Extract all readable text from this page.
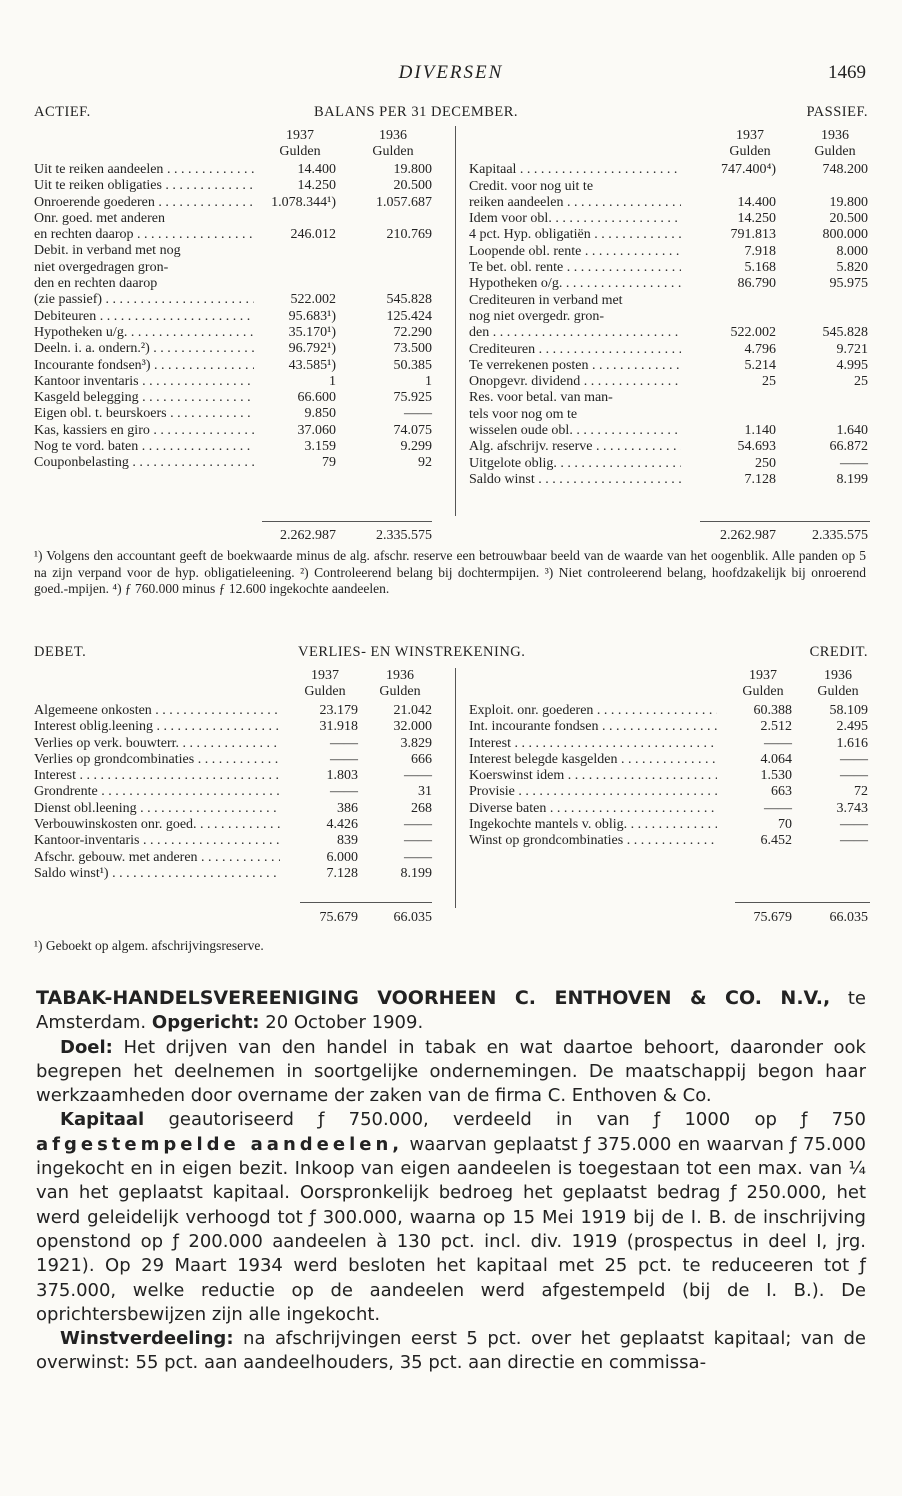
DIVERSEN	1469
ACTIEF.	BALANS PER 31 DECEMBER.	PASSIEF.
1937	1936	1937	1936
Gulden	Gulden	Gulden	Gulden
Uit te reiken aandeelen . . .	14.400	19.800
Uit te reiken obligaties . . .	14.250	20.500
Onroerende goederen . . .	1.078.344¹)	1.057.687
Onr. goed. met anderen
en rechten daarop . . .	246.012	210.769
Debit. in verband met nog
niet overgedragen gron-
den en rechten daarop
(zie passief) . . .	522.002	545.828
Debiteuren . . .	95.683¹)	125.424
Hypotheken u/g. . . .	35.170¹)	72.290
Deeln. i. a. ondern.²) . . .	96.792¹)	73.500
Incourante fondsen³) . . .	43.585¹)	50.385
Kantoor inventaris . . .	1	1
Kasgeld belegging . . .	66.600	75.925
Eigen obl. t. beurskoers . . .	9.850	——
Kas, kassiers en giro . . .	37.060	74.075
Nog te vord. baten . . .	3.159	9.299
Couponbelasting . . .	79	92
Kapitaal . . .	747.400⁴)	748.200
Credit. voor nog uit te
reiken aandeelen . . .	14.400	19.800
Idem voor obl. . . .	14.250	20.500
4 pct. Hyp. obligatiën . . .	791.813	800.000
Loopende obl. rente . . .	7.918	8.000
Te bet. obl. rente . . .	5.168	5.820
Hypotheken o/g. . . .	86.790	95.975
Crediteuren in verband met
nog niet overgedr. gron-
den . . .	522.002	545.828
Crediteuren . . .	4.796	9.721
Te verrekenen posten . . .	5.214	4.995
Onopgevr. dividend . . .	25	25
Res. voor betal. van man-
tels voor nog om te
wisselen oude obl. . . .	1.140	1.640
Alg. afschrijv. reserve . . .	54.693	66.872
Uitgelote oblig. . . .	250	——
Saldo winst . . .	7.128	8.199
2.262.987	2.335.575	2.262.987	2.335.575
¹) Volgens den accountant geeft de boekwaarde minus de alg. afschr. reserve een betrouwbaar beeld van de waarde van het oogenblik. Alle panden op 5 na zijn verpand voor de hyp. obligatieleening. ²) Controleerend belang bij dochtermpijen. ³) Niet controleerend belang, hoofdzakelijk bij onroerend goed.-mpijen. ⁴) ƒ 760.000 minus ƒ 12.600 ingekochte aandeelen.
DEBET.	VERLIES- EN WINSTREKENING.	CREDIT.
1937	1936	1937	1936
Gulden	Gulden	Gulden	Gulden
Algemeene onkosten . . .	23.179	21.042
Interest oblig.leening . . .	31.918	32.000
Verlies op verk. bouwterr. . . .	——	3.829
Verlies op grondcombinaties . . .	——	666
Interest . . .	1.803	——
Grondrente . . .	——	31
Dienst obl.leening . . .	386	268
Verbouwinskosten onr. goed. . . .	4.426	——
Kantoor-inventaris . . .	839	——
Afschr. gebouw. met anderen . . .	6.000	——
Saldo winst¹) . . .	7.128	8.199
Exploit. onr. goederen . . .	60.388	58.109
Int. incourante fondsen . . .	2.512	2.495
Interest . . .	——	1.616
Interest belegde kasgelden . . .	4.064	——
Koerswinst idem . . .	1.530	——
Provisie . . .	663	72
Diverse baten . . .	——	3.743
Ingekochte mantels v. oblig. . . .	70	——
Winst op grondcombinaties . . .	6.452	——
75.679	66.035	75.679	66.035
¹) Geboekt op algem. afschrijvingsreserve.

TABAK-HANDELSVEREENIGING VOORHEEN C. ENTHOVEN & CO. N.V., te Amsterdam. Opgericht: 20 October 1909.

Doel: Het drijven van den handel in tabak en wat daartoe behoort, daaronder ook begrepen het deelnemen in soortgelijke ondernemingen. De maatschappij begon haar werkzaamheden door overname der zaken van de firma C. Enthoven & Co.

Kapitaal geautoriseerd ƒ 750.000, verdeeld in van ƒ 1000 op ƒ 750 afgestempelde aandeelen, waarvan geplaatst ƒ 375.000 en waarvan ƒ 75.000 ingekocht en in eigen bezit. Inkoop van eigen aandeelen is toegestaan tot een max. van ¼ van het geplaatst kapitaal. Oorspronkelijk bedroeg het geplaatst bedrag ƒ 250.000, het werd geleidelijk verhoogd tot ƒ 300.000, waarna op 15 Mei 1919 bij de I. B. de inschrijving openstond op ƒ 200.000 aandeelen à 130 pct. incl. div. 1919 (prospectus in deel I, jrg. 1921). Op 29 Maart 1934 werd besloten het kapitaal met 25 pct. te reduceeren tot ƒ 375.000, welke reductie op de aandeelen werd afgestempeld (bij de I. B.). De oprichtersbewijzen zijn alle ingekocht.

Winstverdeeling: na afschrijvingen eerst 5 pct. over het geplaatst kapitaal; van de overwinst: 55 pct. aan aandeelhouders, 35 pct. aan directie en commissa-
